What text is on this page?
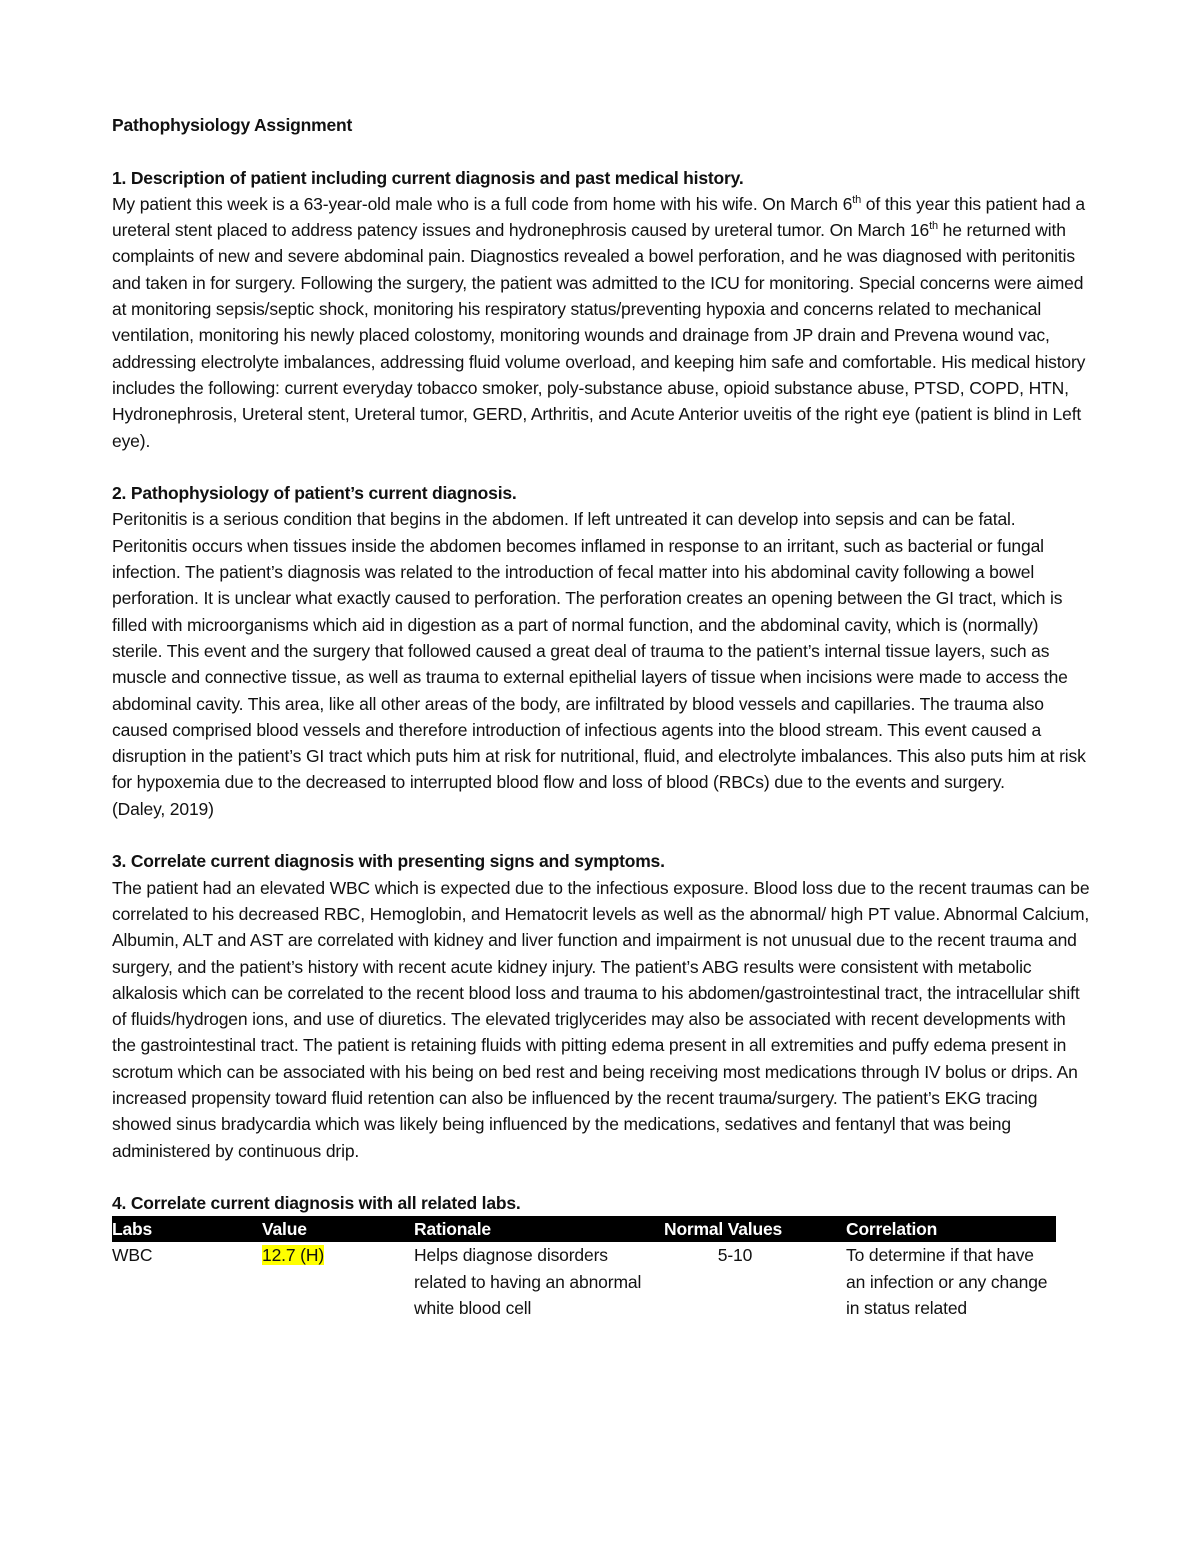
Pathophysiology Assignment

1. Description of patient including current diagnosis and past medical history.

My patient this week is a 63-year-old male who is a full code from home with his wife. On March 6th of this year this patient had a ureteral stent placed to address patency issues and hydronephrosis caused by ureteral tumor. On March 16th he returned with complaints of new and severe abdominal pain. Diagnostics revealed a bowel perforation, and he was diagnosed with peritonitis and taken in for surgery. Following the surgery, the patient was admitted to the ICU for monitoring. Special concerns were aimed at monitoring sepsis/septic shock, monitoring his respiratory status/preventing hypoxia and concerns related to mechanical ventilation, monitoring his newly placed colostomy, monitoring wounds and drainage from JP drain and Prevena wound vac, addressing electrolyte imbalances, addressing fluid volume overload, and keeping him safe and comfortable. His medical history includes the following: current everyday tobacco smoker, poly-substance abuse, opioid substance abuse, PTSD, COPD, HTN, Hydronephrosis, Ureteral stent, Ureteral tumor, GERD, Arthritis, and Acute Anterior uveitis of the right eye (patient is blind in Left eye).

2. Pathophysiology of patient’s current diagnosis.

Peritonitis is a serious condition that begins in the abdomen. If left untreated it can develop into sepsis and can be fatal. Peritonitis occurs when tissues inside the abdomen becomes inflamed in response to an irritant, such as bacterial or fungal infection. The patient’s diagnosis was related to the introduction of fecal matter into his abdominal cavity following a bowel perforation. It is unclear what exactly caused to perforation. The perforation creates an opening between the GI tract, which is filled with microorganisms which aid in digestion as a part of normal function, and the abdominal cavity, which is (normally) sterile. This event and the surgery that followed caused a great deal of trauma to the patient’s internal tissue layers, such as muscle and connective tissue, as well as trauma to external epithelial layers of tissue when incisions were made to access the abdominal cavity. This area, like all other areas of the body, are infiltrated by blood vessels and capillaries. The trauma also caused comprised blood vessels and therefore introduction of infectious agents into the blood stream. This event caused a disruption in the patient’s GI tract which puts him at risk for nutritional, fluid, and electrolyte imbalances. This also puts him at risk for hypoxemia due to the decreased to interrupted blood flow and loss of blood (RBCs) due to the events and surgery.

(Daley, 2019)

3. Correlate current diagnosis with presenting signs and symptoms.

The patient had an elevated WBC which is expected due to the infectious exposure. Blood loss due to the recent traumas can be correlated to his decreased RBC, Hemoglobin, and Hematocrit levels as well as the abnormal/ high PT value. Abnormal Calcium, Albumin, ALT and AST are correlated with kidney and liver function and impairment is not unusual due to the recent trauma and surgery, and the patient’s history with recent acute kidney injury. The patient’s ABG results were consistent with metabolic alkalosis which can be correlated to the recent blood loss and trauma to his abdomen/gastrointestinal tract, the intracellular shift of fluids/hydrogen ions, and use of diuretics. The elevated triglycerides may also be associated with recent developments with the gastrointestinal tract. The patient is retaining fluids with pitting edema present in all extremities and puffy edema present in scrotum which can be associated with his being on bed rest and being receiving most medications through IV bolus or drips. An increased propensity toward fluid retention can also be influenced by the recent trauma/surgery. The patient’s EKG tracing showed sinus bradycardia which was likely being influenced by the medications, sedatives and fentanyl that was being administered by continuous drip.

4. Correlate current diagnosis with all related labs.

Labs	Value	Rationale	Normal Values	Correlation
WBC	12.7 (H)	Helps diagnose disorders related to having an abnormal white blood cell	5-10	To determine if that have an infection or any change in status related
